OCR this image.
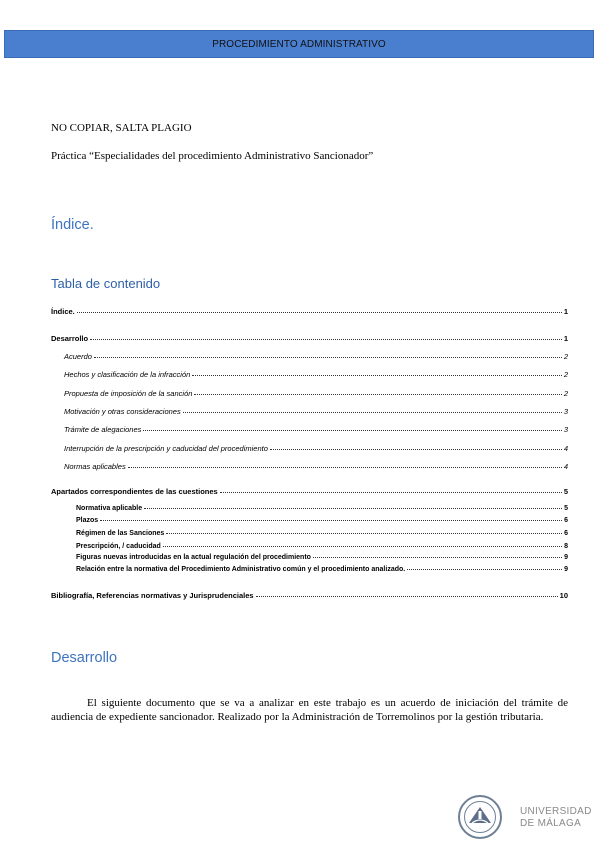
PROCEDIMIENTO ADMINISTRATIVO
NO COPIAR, SALTA PLAGIO
Práctica “Especialidades del procedimiento Administrativo Sancionador”
Índice.
Tabla de contenido
Índice.	1
Desarrollo	1
Acuerdo	2
Hechos y clasificación de la infracción	2
Propuesta de imposición de la sanción	2
Motivación y otras consideraciones	3
Trámite de alegaciones	3
Interrupción de la prescripción y caducidad del procedimiento	4
Normas aplicables	4
Apartados correspondientes de las cuestiones	5
Normativa aplicable	5
Plazos	6
Régimen de las Sanciones	6
Prescripción, / caducidad	8
Figuras nuevas introducidas en la actual regulación del procedimiento	9
Relación entre la normativa del Procedimiento Administrativo común y el procedimiento analizado.	9
Bibliografía, Referencias normativas y Jurisprudenciales	10
Desarrollo
El siguiente documento que se va a analizar en este trabajo es un acuerdo de iniciación del trámite de audiencia de expediente sancionador. Realizado por la Administración de Torremolinos por la gestión tributaria.
UNIVERSIDAD
DE MÁLAGA
